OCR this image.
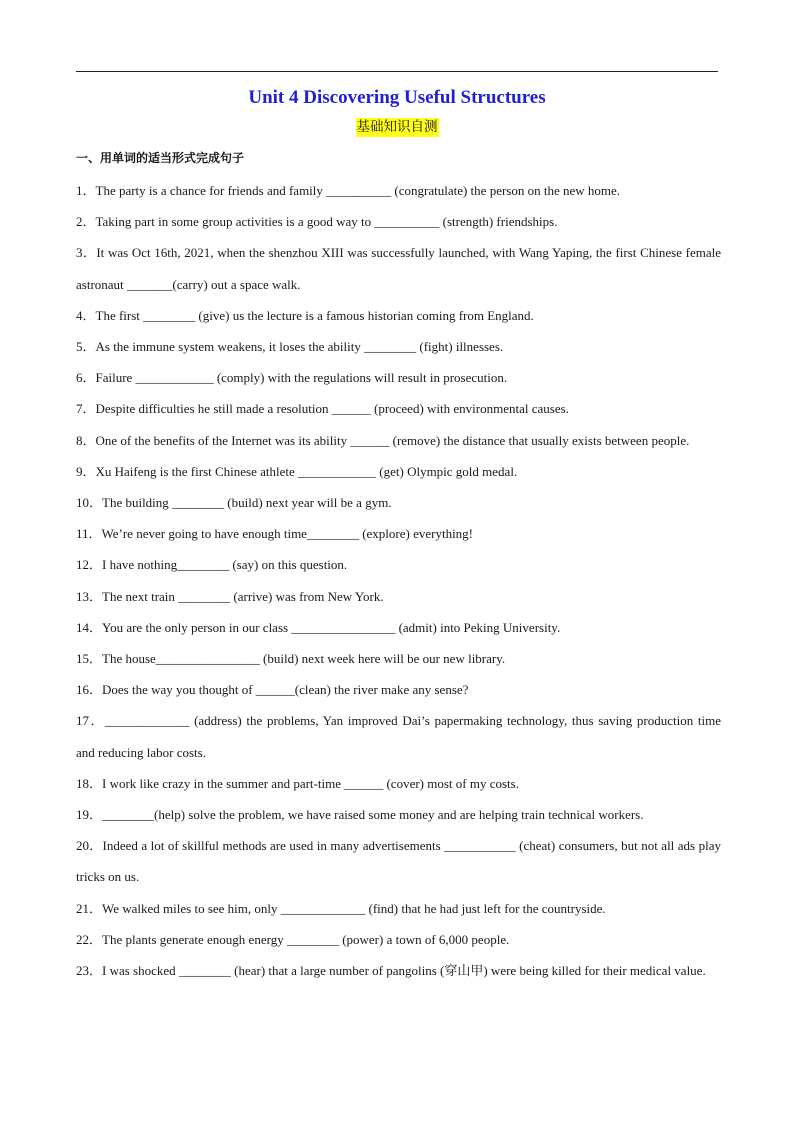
Unit 4 Discovering Useful Structures
基础知识自测
一、用单词的适当形式完成句子

1．The party is a chance for friends and family __________ (congratulate) the person on the new home.

2．Taking part in some group activities is a good way to __________ (strength) friendships.

3．It was Oct 16th, 2021, when the shenzhou XIII was successfully launched, with Wang Yaping, the first Chinese female astronaut _______(carry) out a space walk.

4．The first ________ (give) us the lecture is a famous historian coming from England.

5．As the immune system weakens, it loses the ability ________ (fight) illnesses.

6．Failure ____________ (comply) with the regulations will result in prosecution.

7．Despite difficulties he still made a resolution ______ (proceed) with environmental causes.

8．One of the benefits of the Internet was its ability ______ (remove) the distance that usually exists between people.

9．Xu Haifeng is the first Chinese athlete ____________ (get) Olympic gold medal.

10．The building ________ (build) next year will be a gym.

11．We’re never going to have enough time________ (explore) everything!

12．I have nothing________ (say) on this question.

13．The next train ________ (arrive) was from New York.

14．You are the only person in our class ________________ (admit) into Peking University.

15．The house________________ (build) next week here will be our new library.

16．Does the way you thought of ______(clean) the river make any sense?

17．_____________ (address) the problems, Yan improved Dai’s papermaking technology, thus saving production time and reducing labor costs.

18．I work like crazy in the summer and part-time ______ (cover) most of my costs.

19．________(help) solve the problem, we have raised some money and are helping train technical workers.

20．Indeed a lot of skillful methods are used in many advertisements ___________ (cheat) consumers, but not all ads play tricks on us.

21．We walked miles to see him, only _____________ (find) that he had just left for the countryside.

22．The plants generate enough energy ________ (power) a town of 6,000 people.

23．I was shocked ________ (hear) that a large number of pangolins (穿山甲) were being killed for their medical value.
